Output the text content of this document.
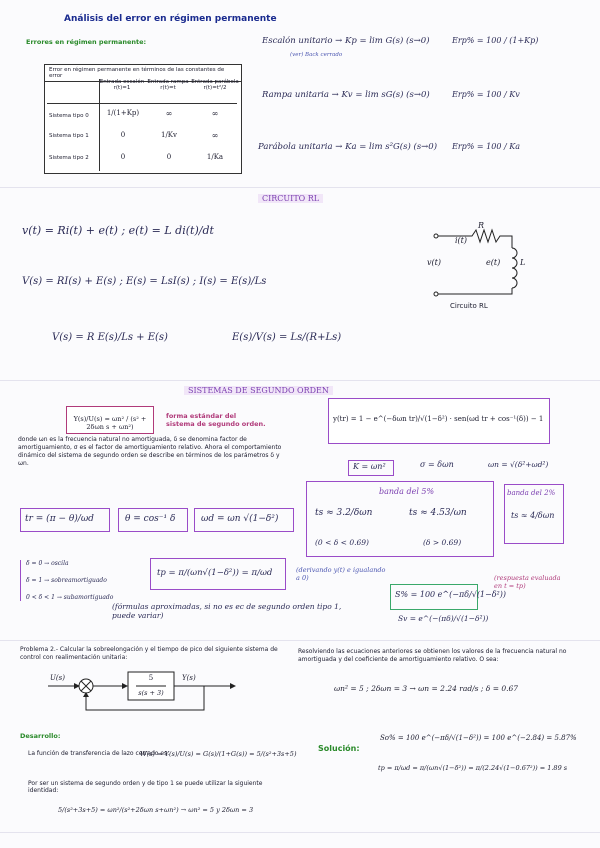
Análisis del error en régimen permanente
Errores en régimen permanente:
Error en régimen permanente en términos de las constantes de error
Entrada escalón r(t)=1
Entrada rampa r(t)=t
Entrada parábola r(t)=t²/2
Sistema tipo 0	1/(1+Kp)	∞	∞
Sistema tipo 1	0	1/Kv	∞
Sistema tipo 2	0	0	1/Ka
Escalón unitario → Kp = lim G(s) (s→0)
(ver) Back cerrado
Erp% = 100 / (1+Kp)
Rampa unitaria → Kv = lim sG(s) (s→0)	Erp% = 100 / Kv
Parábola unitaria → Ka = lim s²G(s) (s→0) Erp% = 100 / Ka
CIRCUITO RL
v(t) = Ri(t) + e(t) ; e(t) = L di(t)/dt
V(s) = RI(s) + E(s) ; E(s) = LsI(s) ; I(s) = E(s)/Ls
V(s) = R E(s)/Ls + E(s)	E(s)/V(s) = Ls/(R+Ls)
R
i(t)
v(t)	e(t) L
Circuito RL
SISTEMAS DE SEGUNDO ORDEN
Y(s)/U(s) = ωn² / (s² + 2δωn s + ωn²)
forma estándar del sistema de segundo orden.
donde ωn es la frecuencia natural no amortiguada, δ se denomina factor de amortiguamiento, σ es el factor de amortiguamiento relativo. Ahora el comportamiento dinámico del sistema de segundo orden se describe en términos de los parámetros δ y ωn.
y(tr) = 1 − e^(−δωn tr)/√(1−δ²) · sen(ωd tr + cos⁻¹(δ)) − 1
K = ωn²	σ = δωn	ωn = √(δ²+ωd²)
banda del 5%
ts ≈ 3.2/δωn	ts ≈ 4.53/ωn
(0 < δ < 0.69)	(δ > 0.69)
banda del 2%
ts ≈ 4/δωn
tr = (π − θ)/ωd	θ = cos⁻¹ δ	ωd = ωn √(1−δ²)
δ = 0 → oscila
δ = 1 → sobreamortiguado
0 < δ < 1 → subamortiguado
tp = π/(ωn√(1−δ²)) = π/ωd	(derivando y(t) e igualando a 0)
S% = 100 e^(−πδ/√(1−δ²))
(respuesta evaluada en t = tp)
Sv = e^(−(πδ)/√(1−δ²))
(fórmulas aproximadas, si no es ec de segundo orden tipo 1, puede variar)
Problema 2.- Calcular la sobreelongación y el tiempo de pico del siguiente sistema de control con realimentación unitaria:
U(s)	Y(s)
5
s(s + 3)
Desarrollo:
La función de transferencia de lazo cerrado es:
W(s) = Y(s)/U(s) = G(s)/(1+G(s)) = 5/(s²+3s+5)
Por ser un sistema de segundo orden y de tipo 1 se puede utilizar la siguiente identidad:
5/(s²+3s+5) = ωn²/(s²+2δωn s+ωn²) → ωn² = 5 y 2δωn = 3
Resolviendo las ecuaciones anteriores se obtienen los valores de la frecuencia natural no amortiguada y del coeficiente de amortiguamiento relativo. O sea:
ωn² = 5 ; 2δωn = 3 → ωn = 2.24 rad/s ; δ = 0.67
Solución:
So% = 100 e^(−πδ/√(1−δ²)) = 100 e^(−2.84) = 5.87%
tp = π/ωd = π/(ωn√(1−δ²)) = π/(2.24√(1−0.67²)) = 1.89 s
